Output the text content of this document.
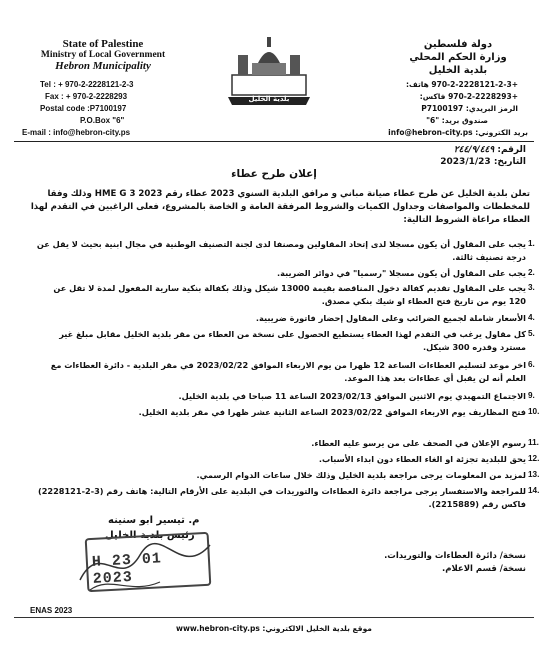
State of Palestine
Ministry of Local Government
Hebron Municipality
Tel : + 970-2-2228121-2-3
Fax : + 970-2-2228293
Postal code :P7100197
P.O.Box "6"
E-mail : info@hebron-city.ps
بلدية الخليل
دولة فلسطين
وزارة الحكم المحلي
بلدية الخليل
+970-2-2228121-2-3 هاتف:
+970-2-2228293 فاكس:
الرمز البريدي: P7100197
صندوق بريد: "6"
بريد الكتروني: info@hebron-city.ps
الرقم: ٢٤٤/٩/٤٤٩
التاريخ: 2023/1/23
إعلان طرح عطاء
تعلن بلدية الخليل عن طرح عطاء صيانة مباني و مرافق البلدية السنوي 2023 عطاء رقم HME G 3 2023 وذلك وفقا للمخططات والمواصفات وجداول الكميات والشروط المرفقة العامة و الخاصة بالمشروع، فعلى الراغبين في التقدم لهذا العطاء مراعاة الشروط التالية:
1.
يجب على المقاول أن يكون مسجلا لدى إتحاد المقاولين ومصنفا لدى لجنة التصنيف الوطنية في مجال ابنية بحيث لا يقل عن درجة تصنيف ثالثة.
2.
يجب على المقاول أن يكون مسجلا "رسميا" في دوائر الضريبة.
3.
يجب على المقاول تقديم كفالة دخول المناقصة بقيمة 13000 شيكل وذلك بكفالة بنكية سارية المفعول لمدة لا تقل عن 120 يوم من تاريخ فتح العطاء او شيك بنكي مصدق.
4.
الأسعار شاملة لجميع الضرائب وعلى المقاول إحضار فاتورة ضريبية.
5.
كل مقاول يرغب في التقدم لهذا العطاء يستطيع الحصول على نسخة من العطاء من مقر بلدية الخليل مقابل مبلغ غير مسترد وقدره 300 شيكل.
6.
اخر موعد لتسليم العطاءات الساعة 12 ظهرا من يوم الاربعاء الموافق 2023/02/22 في مقر البلدية - دائرة العطاءات مع العلم أنه لن يقبل أي عطاءات بعد هذا الموعد.
9.
الاجتماع التمهيدي يوم الاثنين الموافق 2023/02/13 الساعة 11 صباحا في بلدية الخليل.
10.
فتح المظاريف يوم الاربعاء الموافق 2023/02/22 الساعة الثانية عشر ظهرا في مقر بلدية الخليل.
11.
رسوم الإعلان في الصحف على من يرسو عليه العطاء.
12.
يحق للبلدية تجزئة او الغاء العطاء دون ابداء الأسباب.
13.
لمزيد من المعلومات يرجى مراجعة بلدية الخليل وذلك خلال ساعات الدوام الرسمي.
14.
للمراجعة والاستفسار يرجى مراجعة دائرة العطاءات والتوريدات في البلدية على الأرقام التالية: هاتف رقم (3-2-2228121) فاكس رقم (2215889).
م. تيسير ابو سنينه
رئيس بلدية الخليل
H 23 01 2023
نسخة/ دائرة العطاءات والتوريدات.
نسخة/ قسم الاعلام.
ENAS 2023
www.hebron-city.ps :موقع بلدية الخليل الالكتروني
